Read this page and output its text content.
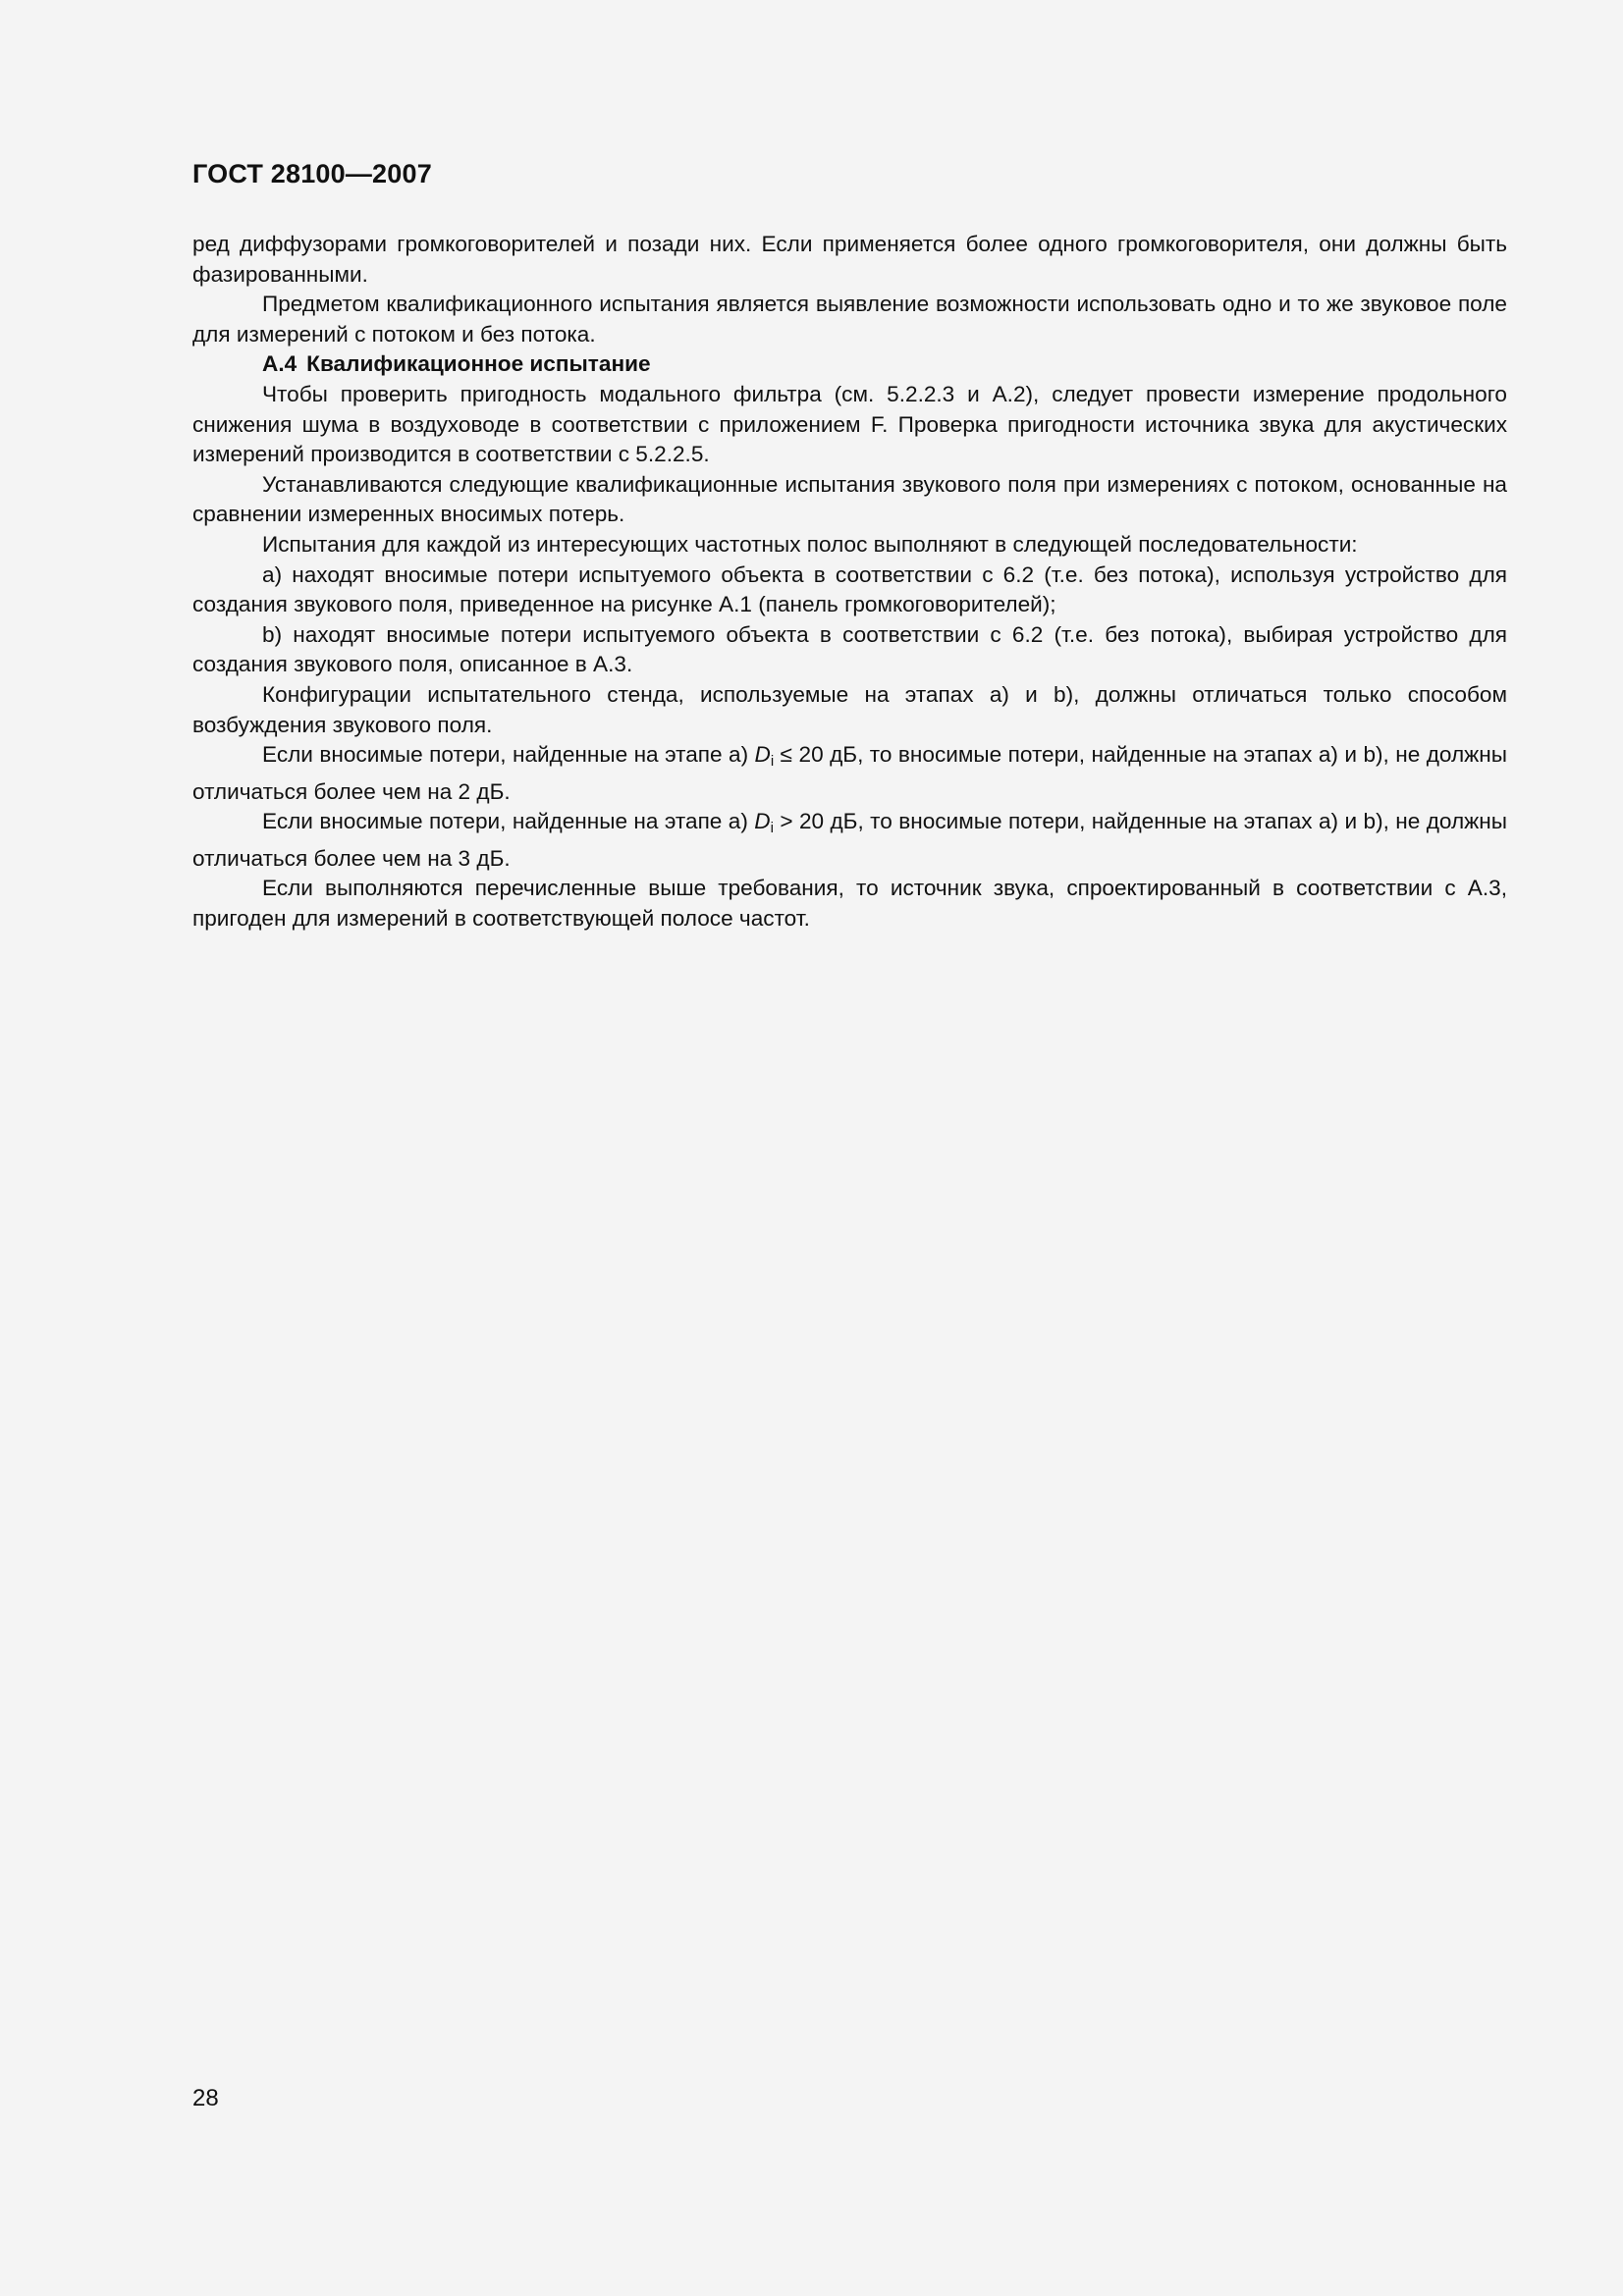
ГОСТ 28100—2007

ред диффузорами громкоговорителей и позади них. Если применяется более одного громкоговорителя, они должны быть фазированными.

Предметом квалификационного испытания является выявление возможности использовать одно и то же звуковое поле для измерений с потоком и без потока.

А.4 Квалификационное испытание

Чтобы проверить пригодность модального фильтра (см. 5.2.2.3 и А.2), следует провести измерение продольного снижения шума в воздуховоде в соответствии с приложением F. Проверка пригодности источника звука для акустических измерений производится в соответствии с 5.2.2.5.

Устанавливаются следующие квалификационные испытания звукового поля при измерениях с потоком, основанные на сравнении измеренных вносимых потерь.

Испытания для каждой из интересующих частотных полос выполняют в следующей последовательности:

а) находят вносимые потери испытуемого объекта в соответствии с 6.2 (т.е. без потока), используя устройство для создания звукового поля, приведенное на рисунке А.1 (панель громкоговорителей);

b) находят вносимые потери испытуемого объекта в соответствии с 6.2 (т.е. без потока), выбирая устройство для создания звукового поля, описанное в А.3.

Конфигурации испытательного стенда, используемые на этапах а) и b), должны отличаться только способом возбуждения звукового поля.

Если вносимые потери, найденные на этапе а) $D_i \le 20$ дБ, то вносимые потери, найденные на этапах а) и b), не должны отличаться более чем на 2 дБ.

Если вносимые потери, найденные на этапе а) $D_i > 20$ дБ, то вносимые потери, найденные на этапах а) и b), не должны отличаться более чем на 3 дБ.

Если выполняются перечисленные выше требования, то источник звука, спроектированный в соответствии с А.3, пригоден для измерений в соответствующей полосе частот.

28
